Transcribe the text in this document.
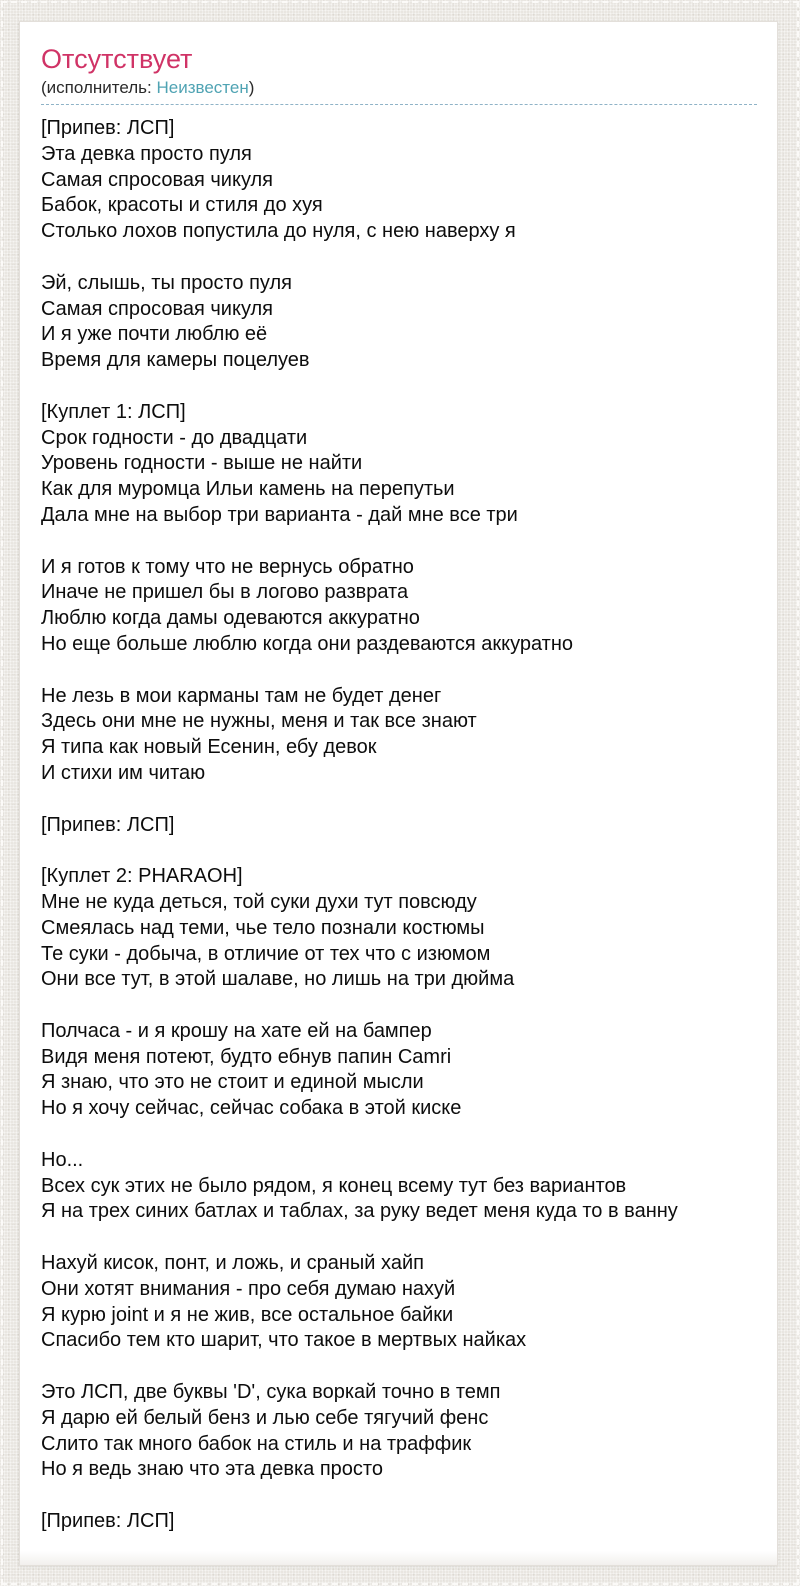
Отсутствует
(исполнитель: Неизвестен)
[Припев: ЛСП]
Эта девка просто пуля
Самая спросовая чикуля
Бабок, красоты и стиля до хуя
Столько лохов попустила до нуля, с нею наверху я
Эй, слышь, ты просто пуля
Самая спросовая чикуля
И я уже почти люблю её
Время для камеры поцелуев
[Куплет 1: ЛСП]
Срок годности - до двадцати
Уровень годности - выше не найти
Как для муромца Ильи камень на перепутьи
Дала мне на выбор три варианта - дай мне все три
И я готов к тому что не вернусь обратно
Иначе не пришел бы в логово разврата
Люблю когда дамы одеваются аккуратно
Но еще больше люблю когда они раздеваются аккуратно
Не лезь в мои карманы там не будет денег
Здесь они мне не нужны, меня и так все знают
Я типа как новый Есенин, ебу девок
И стихи им читаю
[Припев: ЛСП]
[Куплет 2: PHARAOH]
Мне не куда деться, той суки духи тут повсюду
Смеялась над теми, чье тело познали костюмы
Те суки - добыча, в отличие от тех что с изюмом
Они все тут, в этой шалаве, но лишь на три дюйма
Полчаса - и я крошу на хате ей на бампер
Видя меня потеют, будто ебнув папин Camri
Я знаю, что это не стоит и единой мысли
Но я хочу сейчас, сейчас собака в этой киске
Но...
Всех сук этих не было рядом, я конец всему тут без вариантов
Я на трех синих батлах и таблах, за руку ведет меня куда то в ванну
Нахуй кисок, понт, и ложь, и сраный хайп
Они хотят внимания - про себя думаю нахуй
Я курю joint и я не жив, все остальное байки
Спасибо тем кто шарит, что такое в мертвых найках
Это ЛСП, две буквы 'D', сука воркай точно в темп
Я дарю ей белый бенз и лью себе тягучий фенс
Слито так много бабок на стиль и на траффик
Но я ведь знаю что эта девка просто
[Припев: ЛСП]
